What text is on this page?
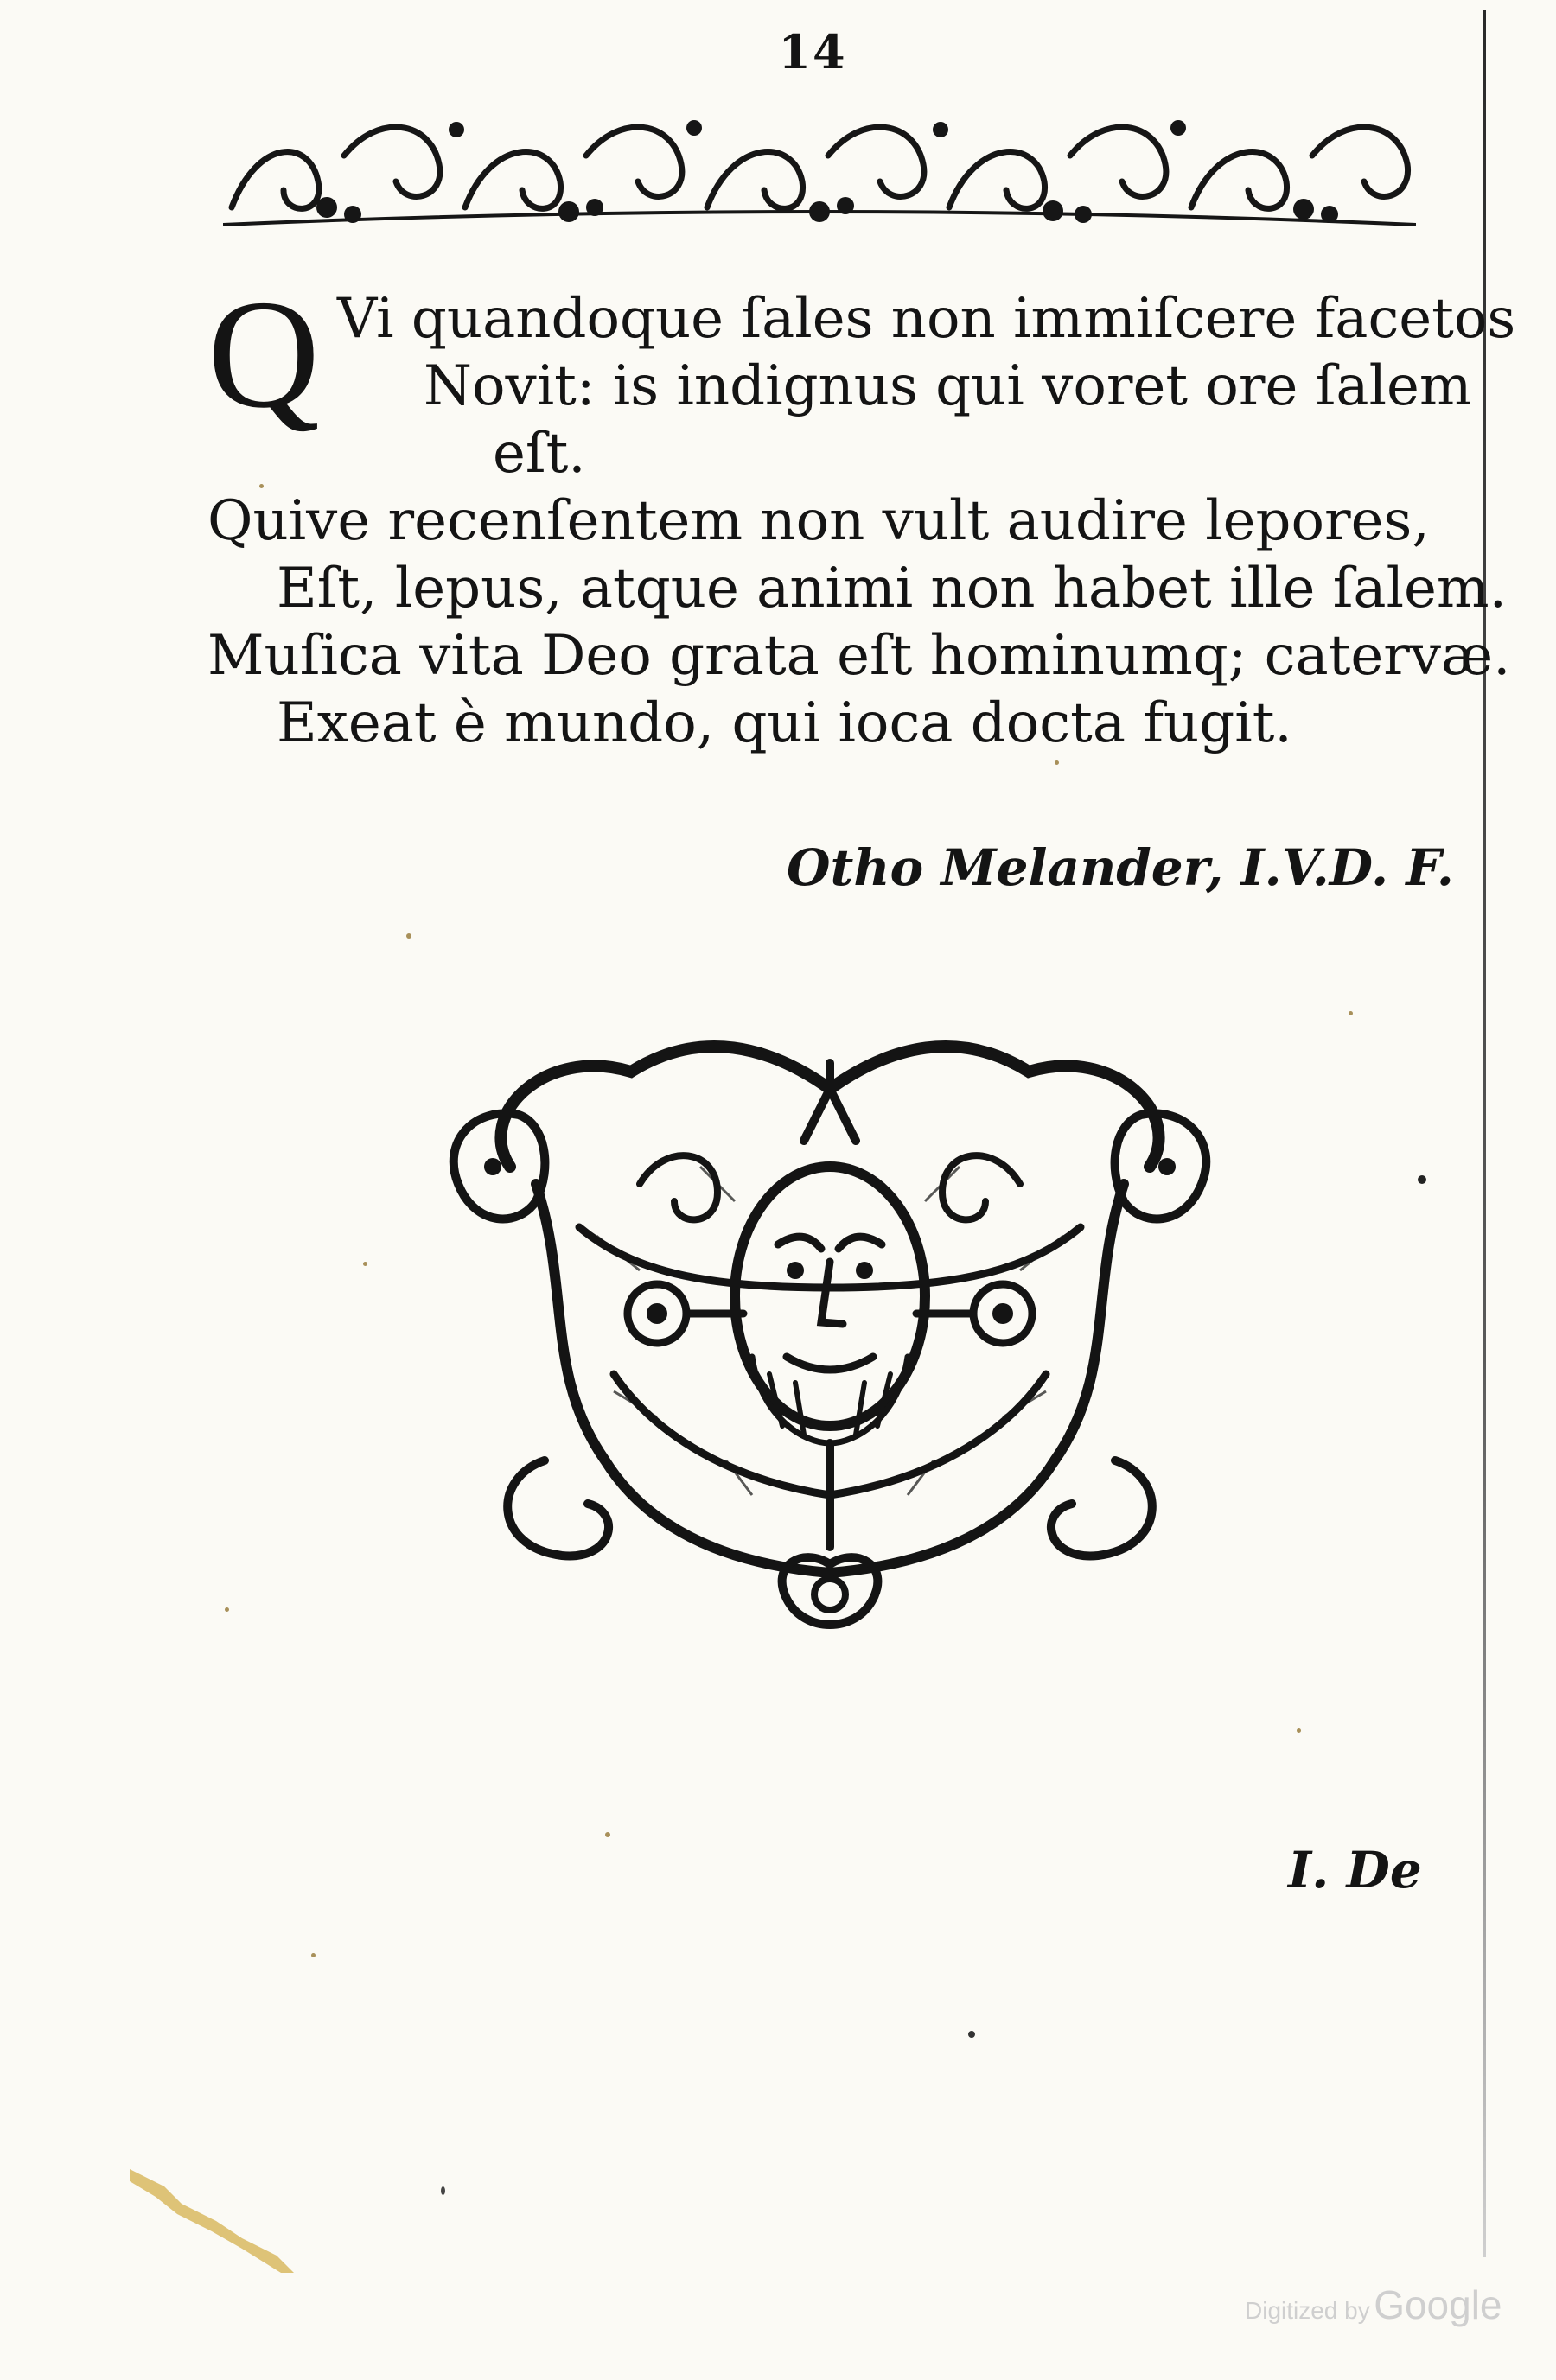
14
Q Vi quandoque ſales non immiſcere facetos
Novit: is indignus qui voret ore ſalem
eſt.
Quive recenſentem non vult audire lepores,
Eſt, lepus, atque animi non habet ille ſalem.
Muſica vita Deo grata eſt hominumq; catervæ.
Exeat è mundo, qui ioca docta fugit.
Otho Melander, I.V.D. F.
I. De
Digitized by Google
